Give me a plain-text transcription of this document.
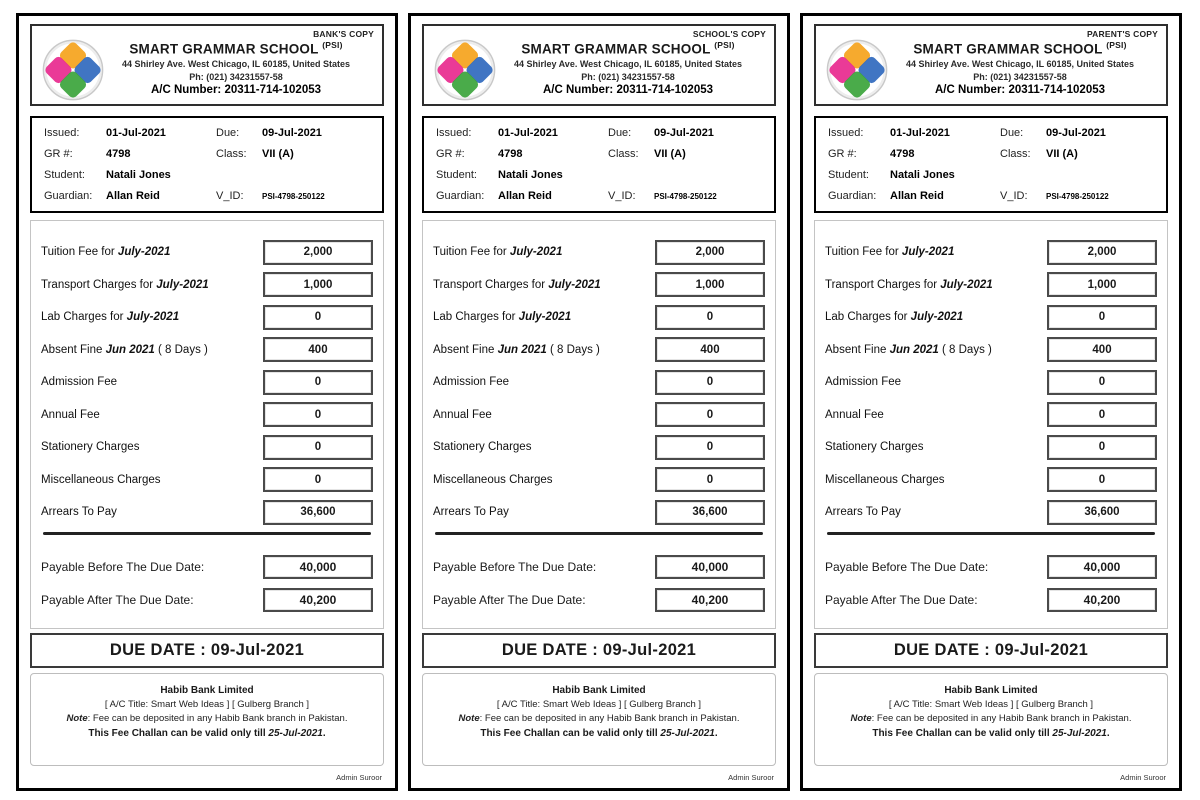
BANK'S COPY
SMART GRAMMAR SCHOOL $^{(PSI)}$
44 Shirley Ave. West Chicago, IL 60185, United States
Ph: (021) 34231557-58
A/C Number: 20311-714-102053
Issued:	01-Jul-2021	Due:	09-Jul-2021
GR #:	4798	Class:	VII (A)
Student:	Natali Jones
Guardian:	Allan Reid	V_ID:	PSI-4798-250122
Tuition Fee for July-2021	2,000
Transport Charges for July-2021	1,000
Lab Charges for July-2021	0
Absent Fine Jun 2021 ( 8 Days )	400
Admission Fee	0
Annual Fee	0
Stationery Charges	0
Miscellaneous Charges	0
Arrears To Pay	36,600
Payable Before The Due Date:	40,000
Payable After The Due Date:	40,200
DUE DATE : 09-Jul-2021
Habib Bank Limited
[ A/C Title: Smart Web Ideas ] [ Gulberg Branch ]
Note: Fee can be deposited in any Habib Bank branch in Pakistan.
This Fee Challan can be valid only till 25-Jul-2021.
Admin Suroor
SCHOOL'S COPY
SMART GRAMMAR SCHOOL $^{(PSI)}$
44 Shirley Ave. West Chicago, IL 60185, United States
Ph: (021) 34231557-58
A/C Number: 20311-714-102053
Issued:	01-Jul-2021	Due:	09-Jul-2021
GR #:	4798	Class:	VII (A)
Student:	Natali Jones
Guardian:	Allan Reid	V_ID:	PSI-4798-250122
Tuition Fee for July-2021	2,000
Transport Charges for July-2021	1,000
Lab Charges for July-2021	0
Absent Fine Jun 2021 ( 8 Days )	400
Admission Fee	0
Annual Fee	0
Stationery Charges	0
Miscellaneous Charges	0
Arrears To Pay	36,600
Payable Before The Due Date:	40,000
Payable After The Due Date:	40,200
DUE DATE : 09-Jul-2021
Habib Bank Limited
[ A/C Title: Smart Web Ideas ] [ Gulberg Branch ]
Note: Fee can be deposited in any Habib Bank branch in Pakistan.
This Fee Challan can be valid only till 25-Jul-2021.
Admin Suroor
PARENT'S COPY
SMART GRAMMAR SCHOOL $^{(PSI)}$
44 Shirley Ave. West Chicago, IL 60185, United States
Ph: (021) 34231557-58
A/C Number: 20311-714-102053
Issued:	01-Jul-2021	Due:	09-Jul-2021
GR #:	4798	Class:	VII (A)
Student:	Natali Jones
Guardian:	Allan Reid	V_ID:	PSI-4798-250122
Tuition Fee for July-2021	2,000
Transport Charges for July-2021	1,000
Lab Charges for July-2021	0
Absent Fine Jun 2021 ( 8 Days )	400
Admission Fee	0
Annual Fee	0
Stationery Charges	0
Miscellaneous Charges	0
Arrears To Pay	36,600
Payable Before The Due Date:	40,000
Payable After The Due Date:	40,200
DUE DATE : 09-Jul-2021
Habib Bank Limited
[ A/C Title: Smart Web Ideas ] [ Gulberg Branch ]
Note: Fee can be deposited in any Habib Bank branch in Pakistan.
This Fee Challan can be valid only till 25-Jul-2021.
Admin Suroor
